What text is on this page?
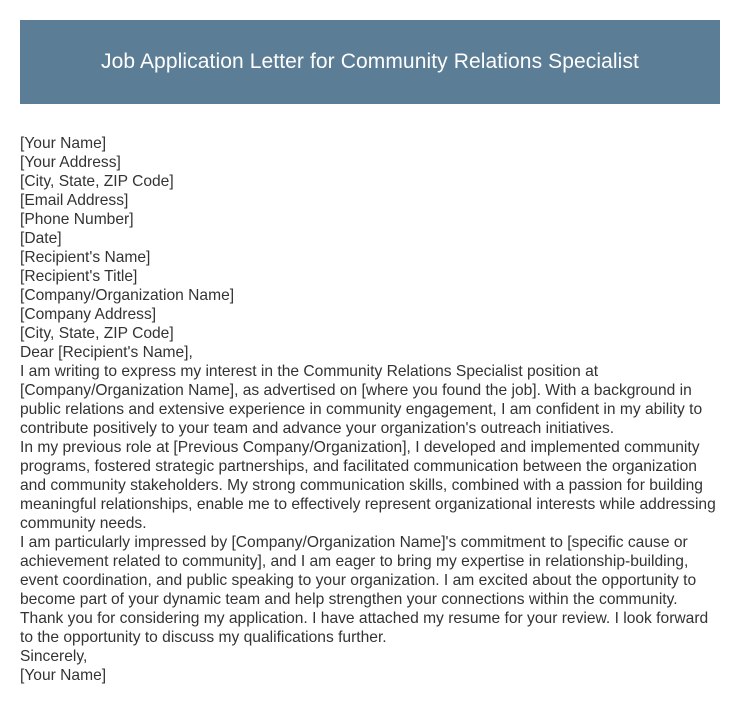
Job Application Letter for Community Relations Specialist
[Your Name]
[Your Address]
[City, State, ZIP Code]
[Email Address]
[Phone Number]
[Date]
[Recipient's Name]
[Recipient's Title]
[Company/Organization Name]
[Company Address]
[City, State, ZIP Code]
Dear [Recipient's Name],
I am writing to express my interest in the Community Relations Specialist position at [Company/Organization Name], as advertised on [where you found the job]. With a background in public relations and extensive experience in community engagement, I am confident in my ability to contribute positively to your team and advance your organization's outreach initiatives.
In my previous role at [Previous Company/Organization], I developed and implemented community programs, fostered strategic partnerships, and facilitated communication between the organization and community stakeholders. My strong communication skills, combined with a passion for building meaningful relationships, enable me to effectively represent organizational interests while addressing community needs.
I am particularly impressed by [Company/Organization Name]'s commitment to [specific cause or achievement related to community], and I am eager to bring my expertise in relationship-building, event coordination, and public speaking to your organization. I am excited about the opportunity to become part of your dynamic team and help strengthen your connections within the community.
Thank you for considering my application. I have attached my resume for your review. I look forward to the opportunity to discuss my qualifications further.
Sincerely,
[Your Name]
